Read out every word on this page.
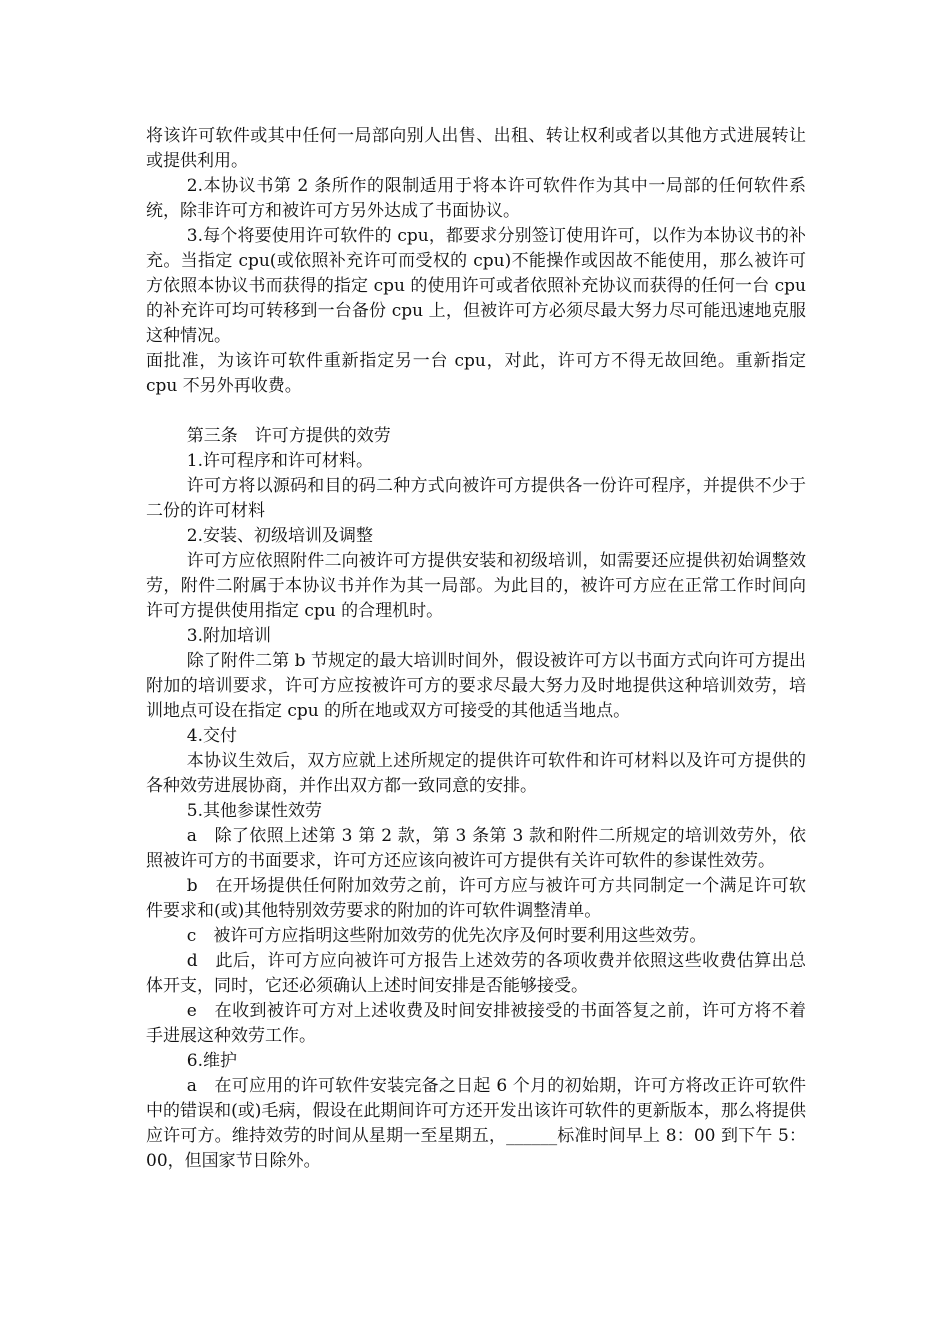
将该许可软件或其中任何一局部向别人出售、出租、转让权利或者以其他方式进展转让或提供利用。

2.本协议书第 2 条所作的限制适用于将本许可软件作为其中一局部的任何软件系统，除非许可方和被许可方另外达成了书面协议。

3.每个将要使用许可软件的 cpu，都要求分别签订使用许可，以作为本协议书的补充。当指定 cpu(或依照补充许可而受权的 cpu)不能操作或因故不能使用，那么被许可方依照本协议书而获得的指定 cpu 的使用许可或者依照补充协议而获得的任何一台 cpu 的补充许可均可转移到一台备份 cpu 上，但被许可方必须尽最大努力尽可能迅速地克服这种情况。

面批准，为该许可软件重新指定另一台 cpu，对此，许可方不得无故回绝。重新指定 cpu 不另外再收费。

第三条　许可方提供的效劳

1.许可程序和许可材料。

许可方将以源码和目的码二种方式向被许可方提供各一份许可程序，并提供不少于二份的许可材料

2.安装、初级培训及调整

许可方应依照附件二向被许可方提供安装和初级培训，如需要还应提供初始调整效劳，附件二附属于本协议书并作为其一局部。为此目的，被许可方应在正常工作时间向许可方提供使用指定 cpu 的合理机时。

3.附加培训

除了附件二第 b 节规定的最大培训时间外，假设被许可方以书面方式向许可方提出附加的培训要求，许可方应按被许可方的要求尽最大努力及时地提供这种培训效劳，培训地点可设在指定 cpu 的所在地或双方可接受的其他适当地点。

4.交付

本协议生效后，双方应就上述所规定的提供许可软件和许可材料以及许可方提供的各种效劳进展协商，并作出双方都一致同意的安排。

5.其他参谋性效劳

a　除了依照上述第 3 第 2 款，第 3 条第 3 款和附件二所规定的培训效劳外，依照被许可方的书面要求，许可方还应该向被许可方提供有关许可软件的参谋性效劳。

b　在开场提供任何附加效劳之前，许可方应与被许可方共同制定一个满足许可软件要求和(或)其他特别效劳要求的附加的许可软件调整清单。

c　被许可方应指明这些附加效劳的优先次序及何时要利用这些效劳。

d　此后，许可方应向被许可方报告上述效劳的各项收费并依照这些收费估算出总体开支，同时，它还必须确认上述时间安排是否能够接受。

e　在收到被许可方对上述收费及时间安排被接受的书面答复之前，许可方将不着手进展这种效劳工作。

6.维护

a　在可应用的许可软件安装完备之日起 6 个月的初始期，许可方将改正许可软件中的错误和(或)毛病，假设在此期间许可方还开发出该许可软件的更新版本，那么将提供应许可方。维持效劳的时间从星期一至星期五，______标准时间早上 8：00 到下午 5：00，但国家节日除外。
